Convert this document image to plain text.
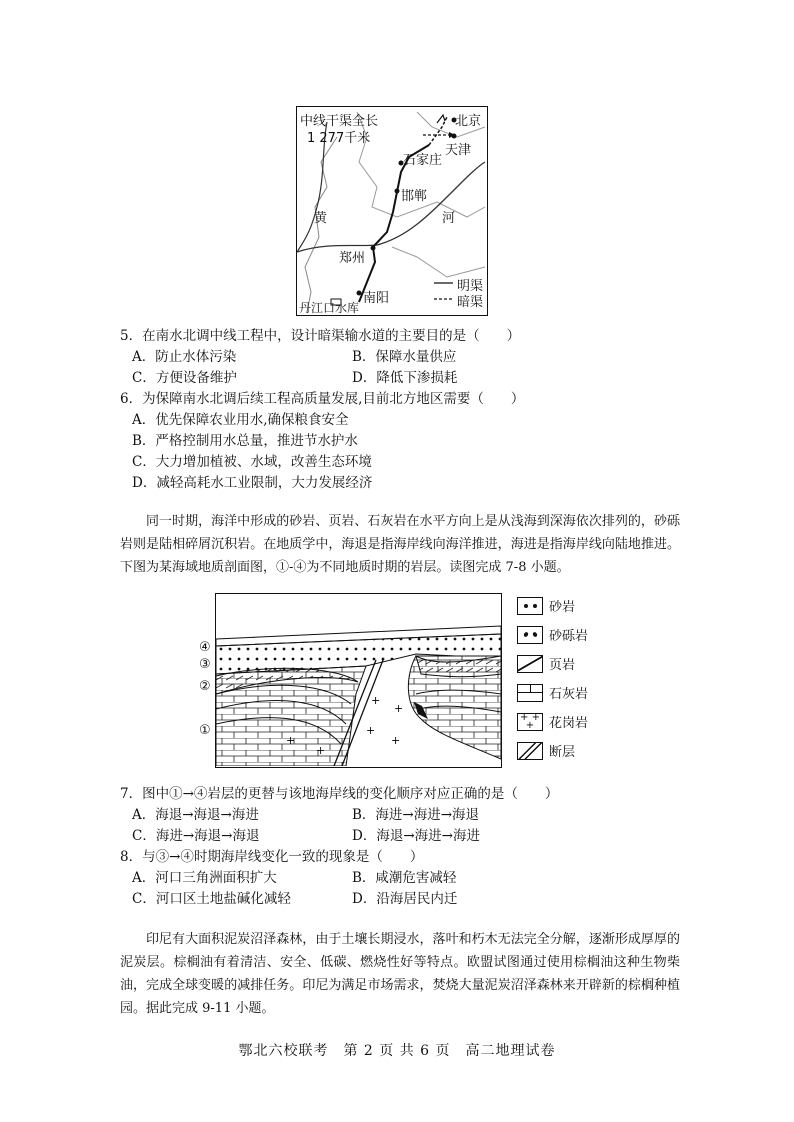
中线干渠全长
1 277千米
北京
天津
石家庄
邯郸
黄	河
郑州
南阳
丹江口水库
明渠
暗渠
5．在南水北调中线工程中，设计暗渠输水道的主要目的是（　　）
A．防止水体污染	B．保障水量供应
C．方便设备维护	D．降低下渗损耗
6．为保障南水北调后续工程高质量发展,目前北方地区需要（　　）
A．优先保障农业用水,确保粮食安全
B．严格控制用水总量，推进节水护水
C．大力增加植被、水域，改善生态环境
D．减轻高耗水工业限制，大力发展经济
同一时期，海洋中形成的砂岩、页岩、石灰岩在水平方向上是从浅海到深海依次排列的，砂砾岩则是陆相碎屑沉积岩。在地质学中，海退是指海岸线向海洋推进，海进是指海岸线向陆地推进。下图为某海域地质剖面图，①-④为不同地质时期的岩层。读图完成 7-8 小题。
+
+
+
+
+
+
④
③
②
①
砂岩
砂砾岩
页岩
石灰岩
+ +
+	花岗岩
断层
7．图中①→④岩层的更替与该地海岸线的变化顺序对应正确的是（　　）
A．海退→海退→海进	B．海进→海进→海退
C．海进→海退→海退	D．海退→海进→海进
8．与③→④时期海岸线变化一致的现象是（　　）
A．河口三角洲面积扩大	B．咸潮危害减轻
C．河口区土地盐碱化减轻	D．沿海居民内迁
印尼有大面积泥炭沼泽森林，由于土壤长期浸水，落叶和朽木无法完全分解，逐渐形成厚厚的泥炭层。棕榈油有着清洁、安全、低碳、燃烧性好等特点。欧盟试图通过使用棕榈油这种生物柴油，完成全球变暖的减排任务。印尼为满足市场需求，焚烧大量泥炭沼泽森林来开辟新的棕榈种植园。据此完成 9-11 小题。
鄂北六校联考　第 2 页 共 6 页　高二地理试卷
